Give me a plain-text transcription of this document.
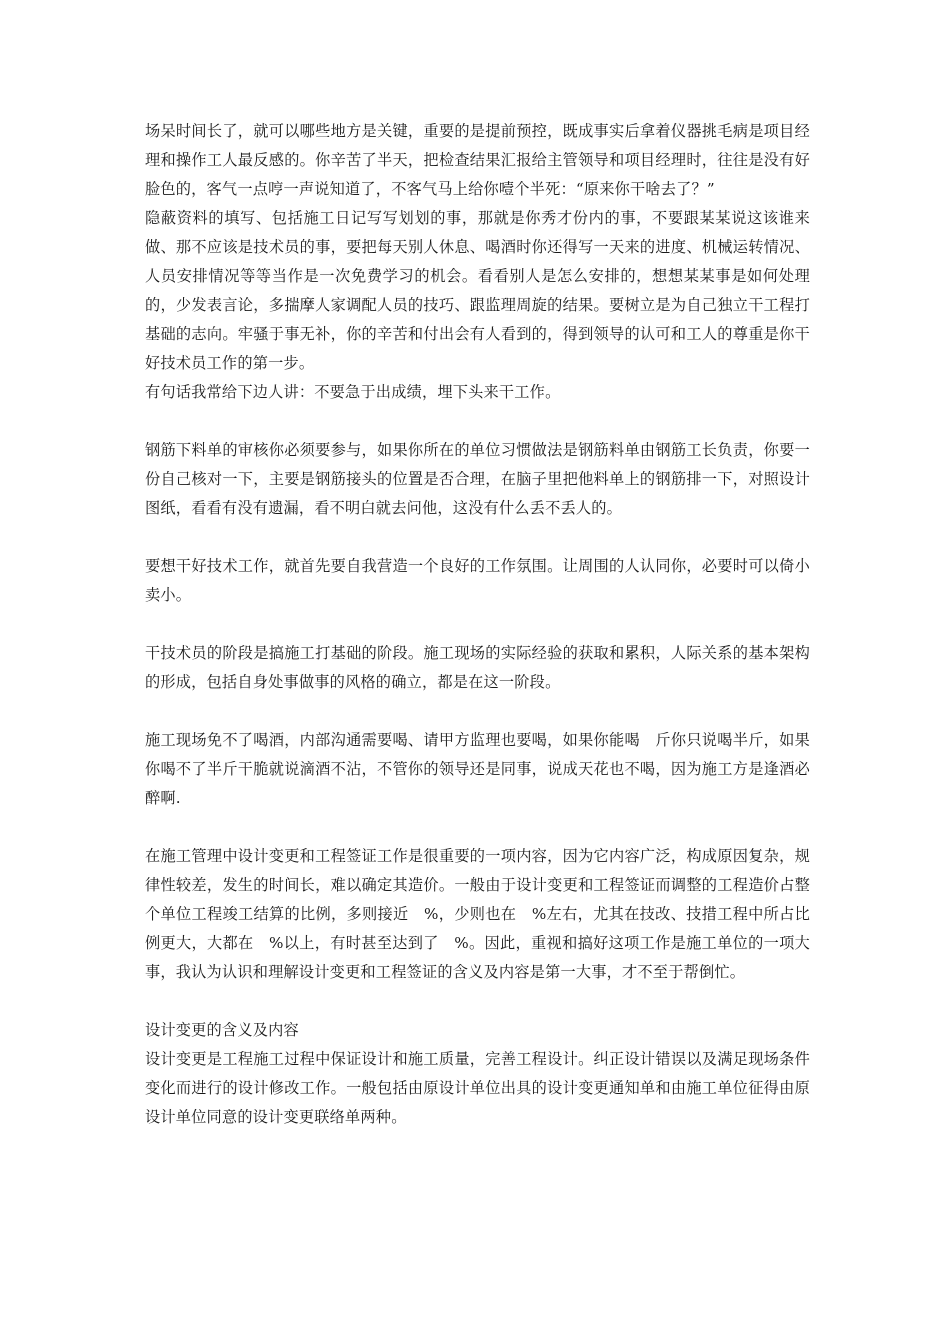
场呆时间长了，就可以哪些地方是关键，重要的是提前预控，既成事实后拿着仪器挑毛病是项目经理和操作工人最反感的。你辛苦了半天，把检查结果汇报给主管领导和项目经理时，往往是没有好脸色的，客气一点哼一声说知道了，不客气马上给你噎个半死：“原来你干啥去了？”

隐蔽资料的填写、包括施工日记写写划划的事，那就是你秀才份内的事，不要跟某某说这该谁来做、那不应该是技术员的事，要把每天别人休息、喝酒时你还得写一天来的进度、机械运转情况、人员安排情况等等当作是一次免费学习的机会。看看别人是怎么安排的，想想某某事是如何处理的，少发表言论，多揣摩人家调配人员的技巧、跟监理周旋的结果。要树立是为自己独立干工程打基础的志向。牢骚于事无补，你的辛苦和付出会有人看到的，得到领导的认可和工人的尊重是你干好技术员工作的第一步。

有句话我常给下边人讲：不要急于出成绩，埋下头来干工作。

钢筋下料单的审核你必须要参与，如果你所在的单位习惯做法是钢筋料单由钢筋工长负责，你要一份自己核对一下，主要是钢筋接头的位置是否合理，在脑子里把他料单上的钢筋排一下，对照设计图纸，看看有没有遗漏，看不明白就去问他，这没有什么丢不丢人的。

要想干好技术工作，就首先要自我营造一个良好的工作氛围。让周围的人认同你，必要时可以倚小卖小。

干技术员的阶段是搞施工打基础的阶段。施工现场的实际经验的获取和累积，人际关系的基本架构的形成，包括自身处事做事的风格的确立，都是在这一阶段。

施工现场免不了喝酒，内部沟通需要喝、请甲方监理也要喝，如果你能喝　斤你只说喝半斤，如果你喝不了半斤干脆就说滴酒不沾，不管你的领导还是同事，说成天花也不喝，因为施工方是逢酒必醉啊.

在施工管理中设计变更和工程签证工作是很重要的一项内容，因为它内容广泛，构成原因复杂，规律性较差，发生的时间长，难以确定其造价。一般由于设计变更和工程签证而调整的工程造价占整个单位工程竣工结算的比例，多则接近　%，少则也在　%左右，尤其在技改、技措工程中所占比例更大，大都在　%以上，有时甚至达到了　%。因此，重视和搞好这项工作是施工单位的一项大事，我认为认识和理解设计变更和工程签证的含义及内容是第一大事，才不至于帮倒忙。

设计变更的含义及内容

设计变更是工程施工过程中保证设计和施工质量，完善工程设计。纠正设计错误以及满足现场条件变化而进行的设计修改工作。一般包括由原设计单位出具的设计变更通知单和由施工单位征得由原设计单位同意的设计变更联络单两种。
